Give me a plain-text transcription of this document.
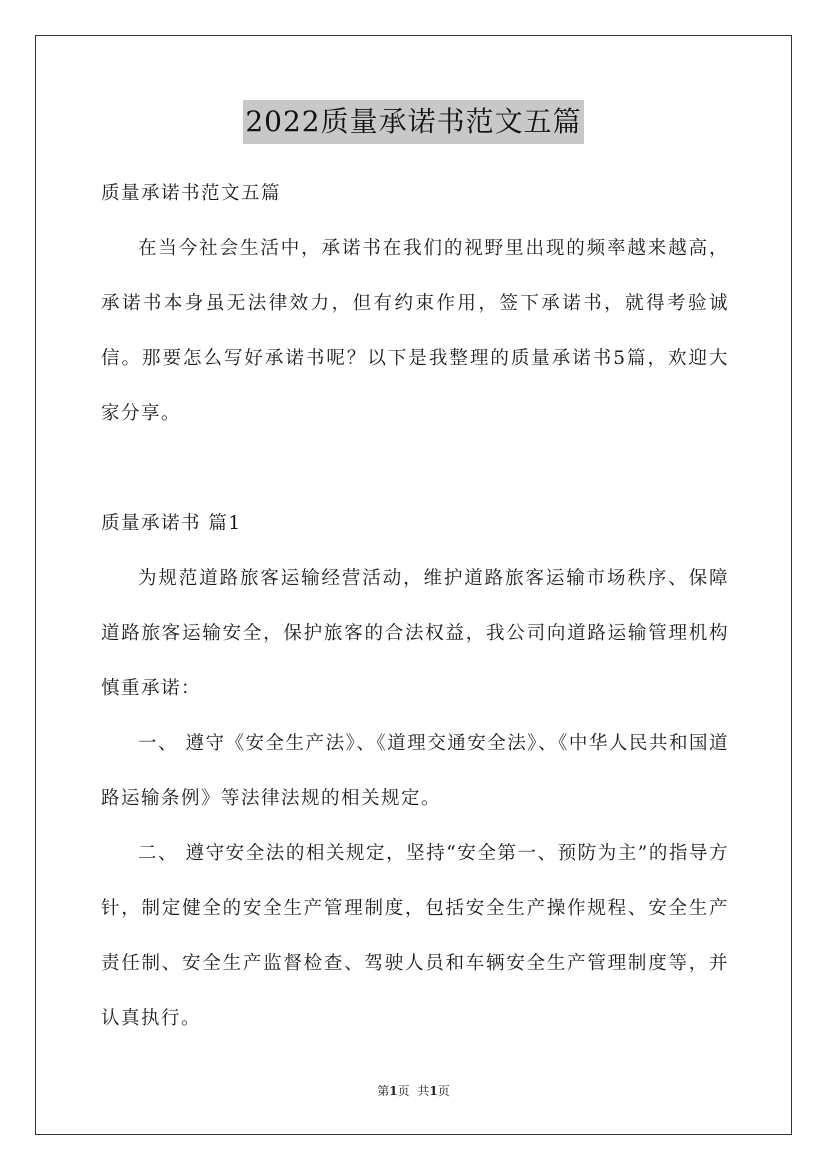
2022质量承诺书范文五篇

质量承诺书范文五篇

在当今社会生活中，承诺书在我们的视野里出现的频率越来越高，承诺书本身虽无法律效力，但有约束作用，签下承诺书，就得考验诚信。那要怎么写好承诺书呢？以下是我整理的质量承诺书5篇，欢迎大家分享。

质量承诺书 篇1

为规范道路旅客运输经营活动，维护道路旅客运输市场秩序、保障道路旅客运输安全，保护旅客的合法权益，我公司向道路运输管理机构慎重承诺：

一、 遵守《安全生产法》、《道理交通安全法》、《中华人民共和国道路运输条例》等法律法规的相关规定。

二、 遵守安全法的相关规定，坚持“安全第一、预防为主”的指导方针，制定健全的安全生产管理制度，包括安全生产操作规程、安全生产责任制、安全生产监督检查、驾驶人员和车辆安全生产管理制度等，并认真执行。

第1页 共1页
